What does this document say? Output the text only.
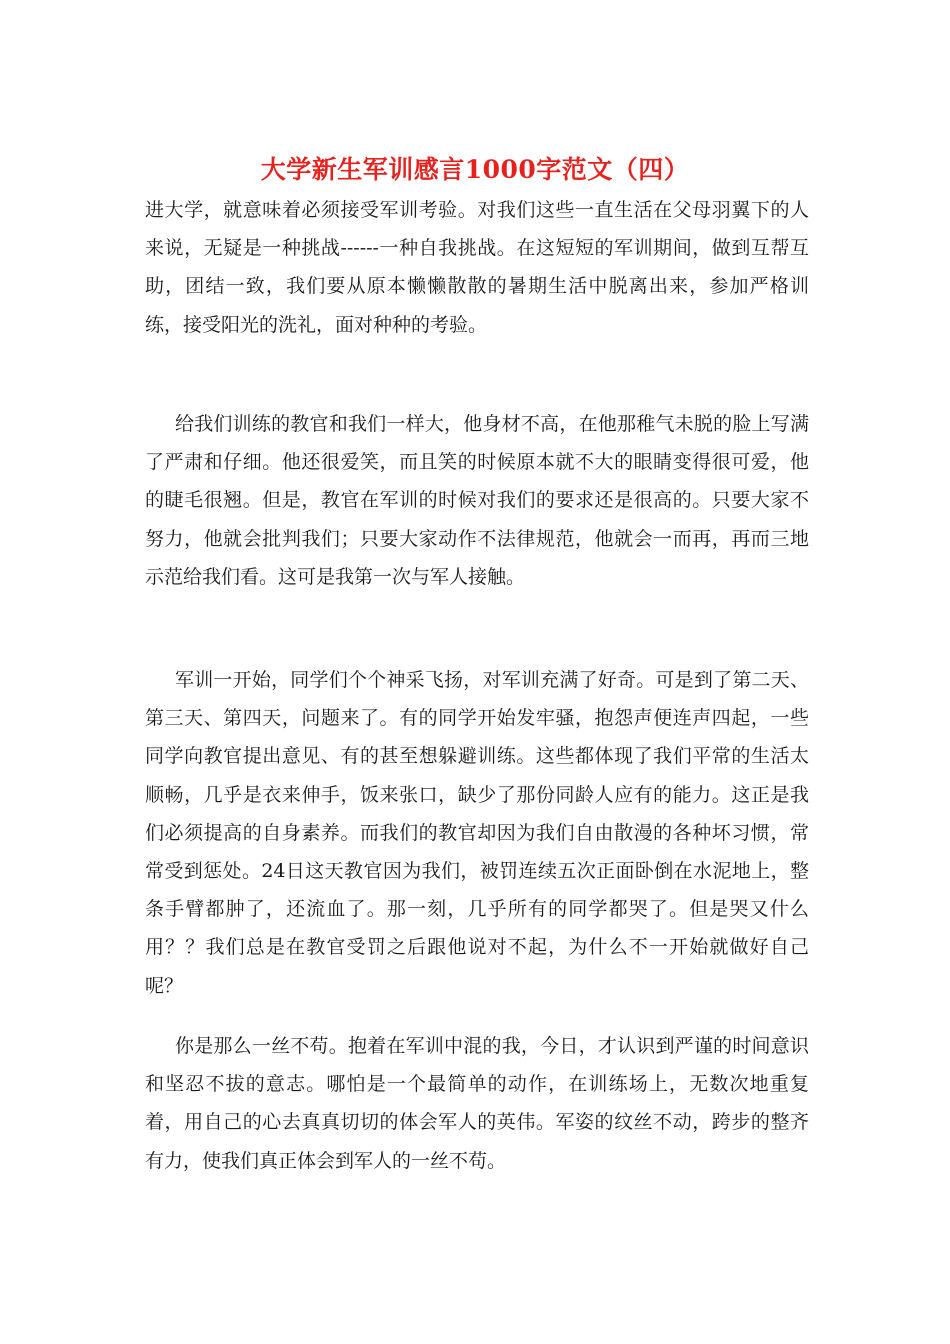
大学新生军训感言1000字范文（四）

进大学，就意味着必须接受军训考验。对我们这些一直生活在父母羽翼下的人来说，无疑是一种挑战------一种自我挑战。在这短短的军训期间，做到互帮互助，团结一致，我们要从原本懒懒散散的暑期生活中脱离出来，参加严格训练，接受阳光的洗礼，面对种种的考验。

给我们训练的教官和我们一样大，他身材不高，在他那稚气未脱的脸上写满了严肃和仔细。他还很爱笑，而且笑的时候原本就不大的眼睛变得很可爱，他的睫毛很翘。但是，教官在军训的时候对我们的要求还是很高的。只要大家不努力，他就会批判我们；只要大家动作不法律规范，他就会一而再，再而三地示范给我们看。这可是我第一次与军人接触。

军训一开始，同学们个个神采飞扬，对军训充满了好奇。可是到了第二天、第三天、第四天，问题来了。有的同学开始发牢骚，抱怨声便连声四起，一些同学向教官提出意见、有的甚至想躲避训练。这些都体现了我们平常的生活太顺畅，几乎是衣来伸手，饭来张口，缺少了那份同龄人应有的能力。这正是我们必须提高的自身素养。而我们的教官却因为我们自由散漫的各种坏习惯，常常受到惩处。24日这天教官因为我们，被罚连续五次正面卧倒在水泥地上，整条手臂都肿了，还流血了。那一刻，几乎所有的同学都哭了。但是哭又什么用？？我们总是在教官受罚之后跟他说对不起，为什么不一开始就做好自己呢？

你是那么一丝不苟。抱着在军训中混的我，今日，才认识到严谨的时间意识和坚忍不拔的意志。哪怕是一个最简单的动作，在训练场上，无数次地重复着，用自己的心去真真切切的体会军人的英伟。军姿的纹丝不动，跨步的整齐有力，使我们真正体会到军人的一丝不苟。
